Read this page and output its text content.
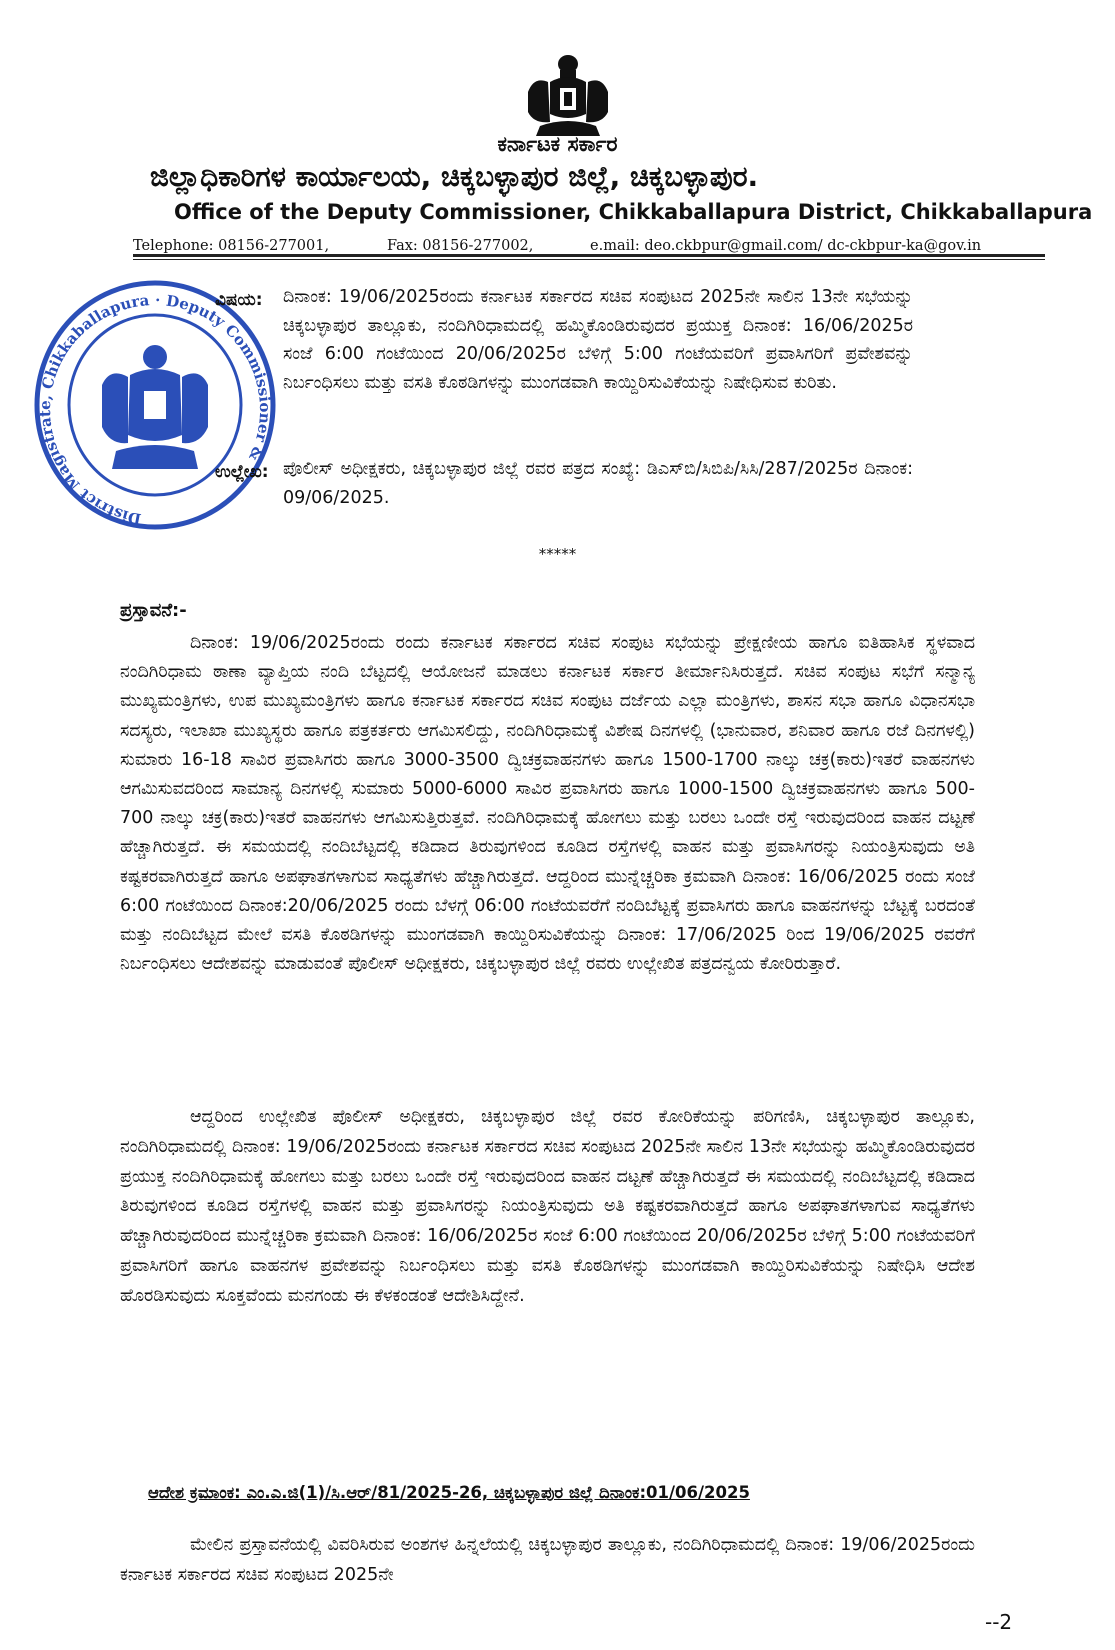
ಕರ್ನಾಟಕ ಸರ್ಕಾರ
ಜಿಲ್ಲಾಧಿಕಾರಿಗಳ ಕಾರ್ಯಾಲಯ, ಚಿಕ್ಕಬಳ್ಳಾಪುರ ಜಿಲ್ಲೆ, ಚಿಕ್ಕಬಳ್ಳಾಪುರ.
Office of the Deputy Commissioner, Chikkaballapura District, Chikkaballapura
Telephone: 08156-277001,	Fax: 08156-277002,	e.mail: deo.ckbpur@gmail.com/ dc-ckbpur-ka@gov.in
District Magistrate, Chikkaballapura · Deputy Commissioner &
ವಿಷಯ: ದಿನಾಂಕ: 19/06/2025ರಂದು ಕರ್ನಾಟಕ ಸರ್ಕಾರದ ಸಚಿವ ಸಂಪುಟದ 2025ನೇ ಸಾಲಿನ 13ನೇ ಸಭೆಯನ್ನು ಚಿಕ್ಕಬಳ್ಳಾಪುರ ತಾಲ್ಲೂಕು, ನಂದಿಗಿರಿಧಾಮದಲ್ಲಿ ಹಮ್ಮಿಕೊಂಡಿರುವುದರ ಪ್ರಯುಕ್ತ ದಿನಾಂಕ: 16/06/2025ರ ಸಂಜೆ 6:00 ಗಂಟೆಯಿಂದ 20/06/2025ರ ಬೆಳಿಗ್ಗೆ 5:00 ಗಂಟೆಯವರಿಗೆ ಪ್ರವಾಸಿಗರಿಗೆ ಪ್ರವೇಶವನ್ನು ನಿರ್ಬಂಧಿಸಲು ಮತ್ತು ವಸತಿ ಕೊಠಡಿಗಳನ್ನು ಮುಂಗಡವಾಗಿ ಕಾಯ್ದಿರಿಸುವಿಕೆಯನ್ನು ನಿಷೇಧಿಸುವ ಕುರಿತು.
ಉಲ್ಲೇಖ: ಪೊಲೀಸ್ ಅಧೀಕ್ಷಕರು, ಚಿಕ್ಕಬಳ್ಳಾಪುರ ಜಿಲ್ಲೆ ರವರ ಪತ್ರದ ಸಂಖ್ಯೆ: ಡಿಎಸ್‌ಬಿ/ಸಿಬಿಪಿ/ಸಿಸಿ/287/2025ರ ದಿನಾಂಕ: 09/06/2025.
*****
ಪ್ರಸ್ತಾವನೆ:-
ದಿನಾಂಕ: 19/06/2025ರಂದು ರಂದು ಕರ್ನಾಟಕ ಸರ್ಕಾರದ ಸಚಿವ ಸಂಪುಟ ಸಭೆಯನ್ನು ಪ್ರೇಕ್ಷಣೀಯ ಹಾಗೂ ಐತಿಹಾಸಿಕ ಸ್ಥಳವಾದ ನಂದಿಗಿರಿಧಾಮ ಠಾಣಾ ವ್ಯಾಪ್ತಿಯ ನಂದಿ ಬೆಟ್ಟದಲ್ಲಿ ಆಯೋಜನೆ ಮಾಡಲು ಕರ್ನಾಟಕ ಸರ್ಕಾರ ತೀರ್ಮಾನಿಸಿರುತ್ತದೆ. ಸಚಿವ ಸಂಪುಟ ಸಭೆಗೆ ಸನ್ಮಾನ್ಯ ಮುಖ್ಯಮಂತ್ರಿಗಳು, ಉಪ ಮುಖ್ಯಮಂತ್ರಿಗಳು ಹಾಗೂ ಕರ್ನಾಟಕ ಸರ್ಕಾರದ ಸಚಿವ ಸಂಪುಟ ದರ್ಜೆಯ ಎಲ್ಲಾ ಮಂತ್ರಿಗಳು, ಶಾಸನ ಸಭಾ ಹಾಗೂ ವಿಧಾನಸಭಾ ಸದಸ್ಯರು, ಇಲಾಖಾ ಮುಖ್ಯಸ್ಥರು ಹಾಗೂ ಪತ್ರಕರ್ತರು ಆಗಮಿಸಲಿದ್ದು, ನಂದಿಗಿರಿಧಾಮಕ್ಕೆ ವಿಶೇಷ ದಿನಗಳಲ್ಲಿ (ಭಾನುವಾರ, ಶನಿವಾರ ಹಾಗೂ ರಜೆ ದಿನಗಳಲ್ಲಿ) ಸುಮಾರು 16-18 ಸಾವಿರ ಪ್ರವಾಸಿಗರು ಹಾಗೂ 3000-3500 ದ್ವಿಚಕ್ರವಾಹನಗಳು ಹಾಗೂ 1500-1700 ನಾಲ್ಕು ಚಕ್ರ(ಕಾರು)ಇತರೆ ವಾಹನಗಳು ಆಗಮಿಸುವದರಿಂದ ಸಾಮಾನ್ಯ ದಿನಗಳಲ್ಲಿ ಸುಮಾರು 5000-6000 ಸಾವಿರ ಪ್ರವಾಸಿಗರು ಹಾಗೂ 1000-1500 ದ್ವಿಚಕ್ರವಾಹನಗಳು ಹಾಗೂ 500-700 ನಾಲ್ಕು ಚಕ್ರ(ಕಾರು)ಇತರೆ ವಾಹನಗಳು ಆಗಮಿಸುತ್ತಿರುತ್ತವೆ. ನಂದಿಗಿರಿಧಾಮಕ್ಕೆ ಹೋಗಲು ಮತ್ತು ಬರಲು ಒಂದೇ ರಸ್ತೆ ಇರುವುದರಿಂದ ವಾಹನ ದಟ್ಟಣೆ ಹೆಚ್ಚಾಗಿರುತ್ತದೆ. ಈ ಸಮಯದಲ್ಲಿ ನಂದಿಬೆಟ್ಟದಲ್ಲಿ ಕಡಿದಾದ ತಿರುವುಗಳಿಂದ ಕೂಡಿದ ರಸ್ತೆಗಳಲ್ಲಿ ವಾಹನ ಮತ್ತು ಪ್ರವಾಸಿಗರನ್ನು ನಿಯಂತ್ರಿಸುವುದು ಅತಿ ಕಷ್ಟಕರವಾಗಿರುತ್ತದೆ ಹಾಗೂ ಅಪಘಾತಗಳಾಗುವ ಸಾಧ್ಯತೆಗಳು ಹೆಚ್ಚಾಗಿರುತ್ತದೆ. ಆದ್ದರಿಂದ ಮುನ್ನೆಚ್ಚರಿಕಾ ಕ್ರಮವಾಗಿ ದಿನಾಂಕ: 16/06/2025 ರಂದು ಸಂಜೆ 6:00 ಗಂಟೆಯಿಂದ ದಿನಾಂಕ:20/06/2025 ರಂದು ಬೆಳಗ್ಗೆ 06:00 ಗಂಟೆಯವರೆಗೆ ನಂದಿಬೆಟ್ಟಕ್ಕೆ ಪ್ರವಾಸಿಗರು ಹಾಗೂ ವಾಹನಗಳನ್ನು ಬೆಟ್ಟಕ್ಕೆ ಬರದಂತೆ ಮತ್ತು ನಂದಿಬೆಟ್ಟದ ಮೇಲೆ ವಸತಿ ಕೊಠಡಿಗಳನ್ನು ಮುಂಗಡವಾಗಿ ಕಾಯ್ದಿರಿಸುವಿಕೆಯನ್ನು ದಿನಾಂಕ: 17/06/2025 ರಿಂದ 19/06/2025 ರವರೆಗೆ ನಿರ್ಬಂಧಿಸಲು ಆದೇಶವನ್ನು ಮಾಡುವಂತೆ ಪೊಲೀಸ್ ಅಧೀಕ್ಷಕರು, ಚಿಕ್ಕಬಳ್ಳಾಪುರ ಜಿಲ್ಲೆ ರವರು ಉಲ್ಲೇಖಿತ ಪತ್ರದನ್ವಯ ಕೋರಿರುತ್ತಾರೆ.
ಆದ್ದರಿಂದ ಉಲ್ಲೇಖಿತ ಪೊಲೀಸ್ ಅಧೀಕ್ಷಕರು, ಚಿಕ್ಕಬಳ್ಳಾಪುರ ಜಿಲ್ಲೆ ರವರ ಕೋರಿಕೆಯನ್ನು ಪರಿಗಣಿಸಿ, ಚಿಕ್ಕಬಳ್ಳಾಪುರ ತಾಲ್ಲೂಕು, ನಂದಿಗಿರಿಧಾಮದಲ್ಲಿ ದಿನಾಂಕ: 19/06/2025ರಂದು ಕರ್ನಾಟಕ ಸರ್ಕಾರದ ಸಚಿವ ಸಂಪುಟದ 2025ನೇ ಸಾಲಿನ 13ನೇ ಸಭೆಯನ್ನು ಹಮ್ಮಿಕೊಂಡಿರುವುದರ ಪ್ರಯುಕ್ತ ನಂದಿಗಿರಿಧಾಮಕ್ಕೆ ಹೋಗಲು ಮತ್ತು ಬರಲು ಒಂದೇ ರಸ್ತೆ ಇರುವುದರಿಂದ ವಾಹನ ದಟ್ಟಣೆ ಹೆಚ್ಚಾಗಿರುತ್ತದೆ ಈ ಸಮಯದಲ್ಲಿ ನಂದಿಬೆಟ್ಟದಲ್ಲಿ ಕಡಿದಾದ ತಿರುವುಗಳಿಂದ ಕೂಡಿದ ರಸ್ತೆಗಳಲ್ಲಿ ವಾಹನ ಮತ್ತು ಪ್ರವಾಸಿಗರನ್ನು ನಿಯಂತ್ರಿಸುವುದು ಅತಿ ಕಷ್ಟಕರವಾಗಿರುತ್ತದೆ ಹಾಗೂ ಅಪಘಾತಗಳಾಗುವ ಸಾಧ್ಯತೆಗಳು ಹೆಚ್ಚಾಗಿರುವುದರಿಂದ ಮುನ್ನೆಚ್ಚರಿಕಾ ಕ್ರಮವಾಗಿ ದಿನಾಂಕ: 16/06/2025ರ ಸಂಜೆ 6:00 ಗಂಟೆಯಿಂದ 20/06/2025ರ ಬೆಳಿಗ್ಗೆ 5:00 ಗಂಟೆಯವರಿಗೆ ಪ್ರವಾಸಿಗರಿಗೆ ಹಾಗೂ ವಾಹನಗಳ ಪ್ರವೇಶವನ್ನು ನಿರ್ಬಂಧಿಸಲು ಮತ್ತು ವಸತಿ ಕೊಠಡಿಗಳನ್ನು ಮುಂಗಡವಾಗಿ ಕಾಯ್ದಿರಿಸುವಿಕೆಯನ್ನು ನಿಷೇಧಿಸಿ ಆದೇಶ ಹೊರಡಿಸುವುದು ಸೂಕ್ತವೆಂದು ಮನಗಂಡು ಈ ಕೆಳಕಂಡಂತೆ ಆದೇಶಿಸಿದ್ದೇನೆ.
ಆದೇಶ ಕ್ರಮಾಂಕ: ಎಂ.ಎ.ಜಿ(1)/ಸಿ.ಆರ್/81/2025-26, ಚಿಕ್ಕಬಳ್ಳಾಪುರ ಜಿಲ್ಲೆ ದಿನಾಂಕ:01/06/2025
ಮೇಲಿನ ಪ್ರಸ್ತಾವನೆಯಲ್ಲಿ ವಿವರಿಸಿರುವ ಅಂಶಗಳ ಹಿನ್ನಲೆಯಲ್ಲಿ ಚಿಕ್ಕಬಳ್ಳಾಪುರ ತಾಲ್ಲೂಕು, ನಂದಿಗಿರಿಧಾಮದಲ್ಲಿ ದಿನಾಂಕ: 19/06/2025ರಂದು ಕರ್ನಾಟಕ ಸರ್ಕಾರದ ಸಚಿವ ಸಂಪುಟದ 2025ನೇ
--2
